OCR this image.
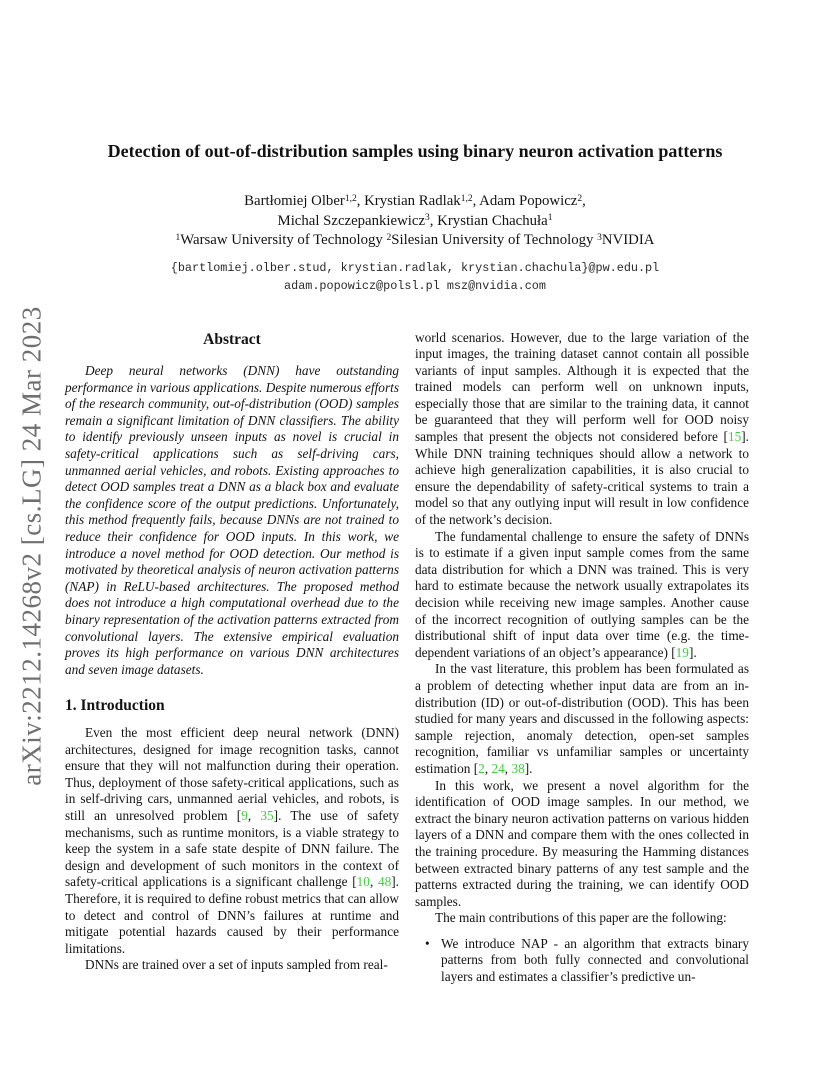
arXiv:2212.14268v2 [cs.LG] 24 Mar 2023
Detection of out-of-distribution samples using binary neuron activation patterns
Bartłomiej Olber$^{1,2}$, Krystian Radlak$^{1,2}$, Adam Popowicz$^2$,
Michal Szczepankiewicz$^3$, Krystian Chachuła$^1$
$^1$Warsaw University of Technology $^2$Silesian University of Technology $^3$NVIDIA
{bartlomiej.olber.stud, krystian.radlak, krystian.chachula}@pw.edu.pl
adam.popowicz@polsl.pl msz@nvidia.com
Abstract

Deep neural networks (DNN) have outstanding performance in various applications. Despite numerous efforts of the research community, out-of-distribution (OOD) samples remain a significant limitation of DNN classifiers. The ability to identify previously unseen inputs as novel is crucial in safety-critical applications such as self-driving cars, unmanned aerial vehicles, and robots. Existing approaches to detect OOD samples treat a DNN as a black box and evaluate the confidence score of the output predictions. Unfortunately, this method frequently fails, because DNNs are not trained to reduce their confidence for OOD inputs. In this work, we introduce a novel method for OOD detection. Our method is motivated by theoretical analysis of neuron activation patterns (NAP) in ReLU-based architectures. The proposed method does not introduce a high computational overhead due to the binary representation of the activation patterns extracted from convolutional layers. The extensive empirical evaluation proves its high performance on various DNN architectures and seven image datasets.

1. Introduction

Even the most efficient deep neural network (DNN) architectures, designed for image recognition tasks, cannot ensure that they will not malfunction during their operation. Thus, deployment of those safety-critical applications, such as in self-driving cars, unmanned aerial vehicles, and robots, is still an unresolved problem [9, 35]. The use of safety mechanisms, such as runtime monitors, is a viable strategy to keep the system in a safe state despite of DNN failure. The design and development of such monitors in the context of safety-critical applications is a significant challenge [10, 48]. Therefore, it is required to define robust metrics that can allow to detect and control of DNN’s failures at runtime and mitigate potential hazards caused by their performance limitations.

DNNs are trained over a set of inputs sampled from real-

world scenarios. However, due to the large variation of the input images, the training dataset cannot contain all possible variants of input samples. Although it is expected that the trained models can perform well on unknown inputs, especially those that are similar to the training data, it cannot be guaranteed that they will perform well for OOD noisy samples that present the objects not considered before [15]. While DNN training techniques should allow a network to achieve high generalization capabilities, it is also crucial to ensure the dependability of safety-critical systems to train a model so that any outlying input will result in low confidence of the network’s decision.

The fundamental challenge to ensure the safety of DNNs is to estimate if a given input sample comes from the same data distribution for which a DNN was trained. This is very hard to estimate because the network usually extrapolates its decision while receiving new image samples. Another cause of the incorrect recognition of outlying samples can be the distributional shift of input data over time (e.g. the time-dependent variations of an object’s appearance) [19].

In the vast literature, this problem has been formulated as a problem of detecting whether input data are from an in-distribution (ID) or out-of-distribution (OOD). This has been studied for many years and discussed in the following aspects: sample rejection, anomaly detection, open-set samples recognition, familiar vs unfamiliar samples or uncertainty estimation [2, 24, 38].

In this work, we present a novel algorithm for the identification of OOD image samples. In our method, we extract the binary neuron activation patterns on various hidden layers of a DNN and compare them with the ones collected in the training procedure. By measuring the Hamming distances between extracted binary patterns of any test sample and the patterns extracted during the training, we can identify OOD samples.

The main contributions of this paper are the following:

• We introduce NAP - an algorithm that extracts binary patterns from both fully connected and convolutional layers and estimates a classifier’s predictive un-
